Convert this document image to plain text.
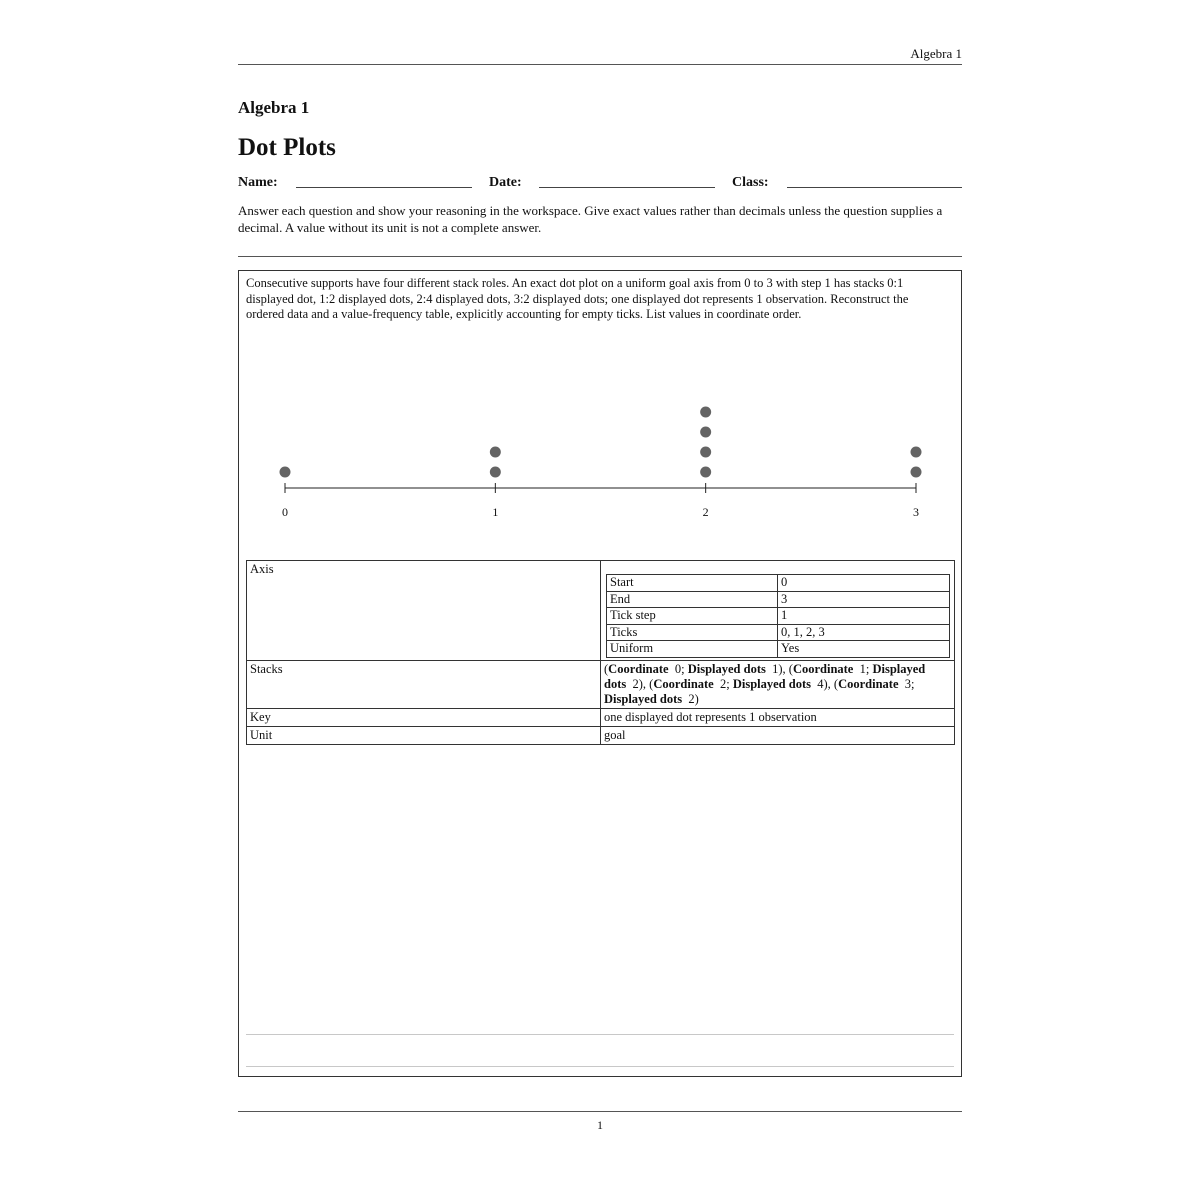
Algebra 1
Algebra 1
Dot Plots
Name:	Date:	Class:
Answer each question and show your reasoning in the workspace. Give exact values rather than decimals unless the question supplies a decimal. A value without its unit is not a complete answer.
Consecutive supports have four different stack roles. An exact dot plot on a uniform goal axis from 0 to 3 with step 1 has stacks 0:1 displayed dot, 1:2 displayed dots, 2:4 displayed dots, 3:2 displayed dots; one displayed dot represents 1 observation. Reconstruct the ordered data and a value-frequency table, explicitly accounting for empty ticks. List values in coordinate order.
0	1	2	3
Axis	
Start	0
End	3
Tick step	1
Ticks	0, 1, 2, 3
Uniform	Yes

Stacks	(Coordinate 0; Displayed dots 1), (Coordinate 1; Displayed dots 2), (Coordinate 2; Displayed dots 4), (Coordinate 3; Displayed dots 2)
Key	one displayed dot represents 1 observation
Unit	goal
1
